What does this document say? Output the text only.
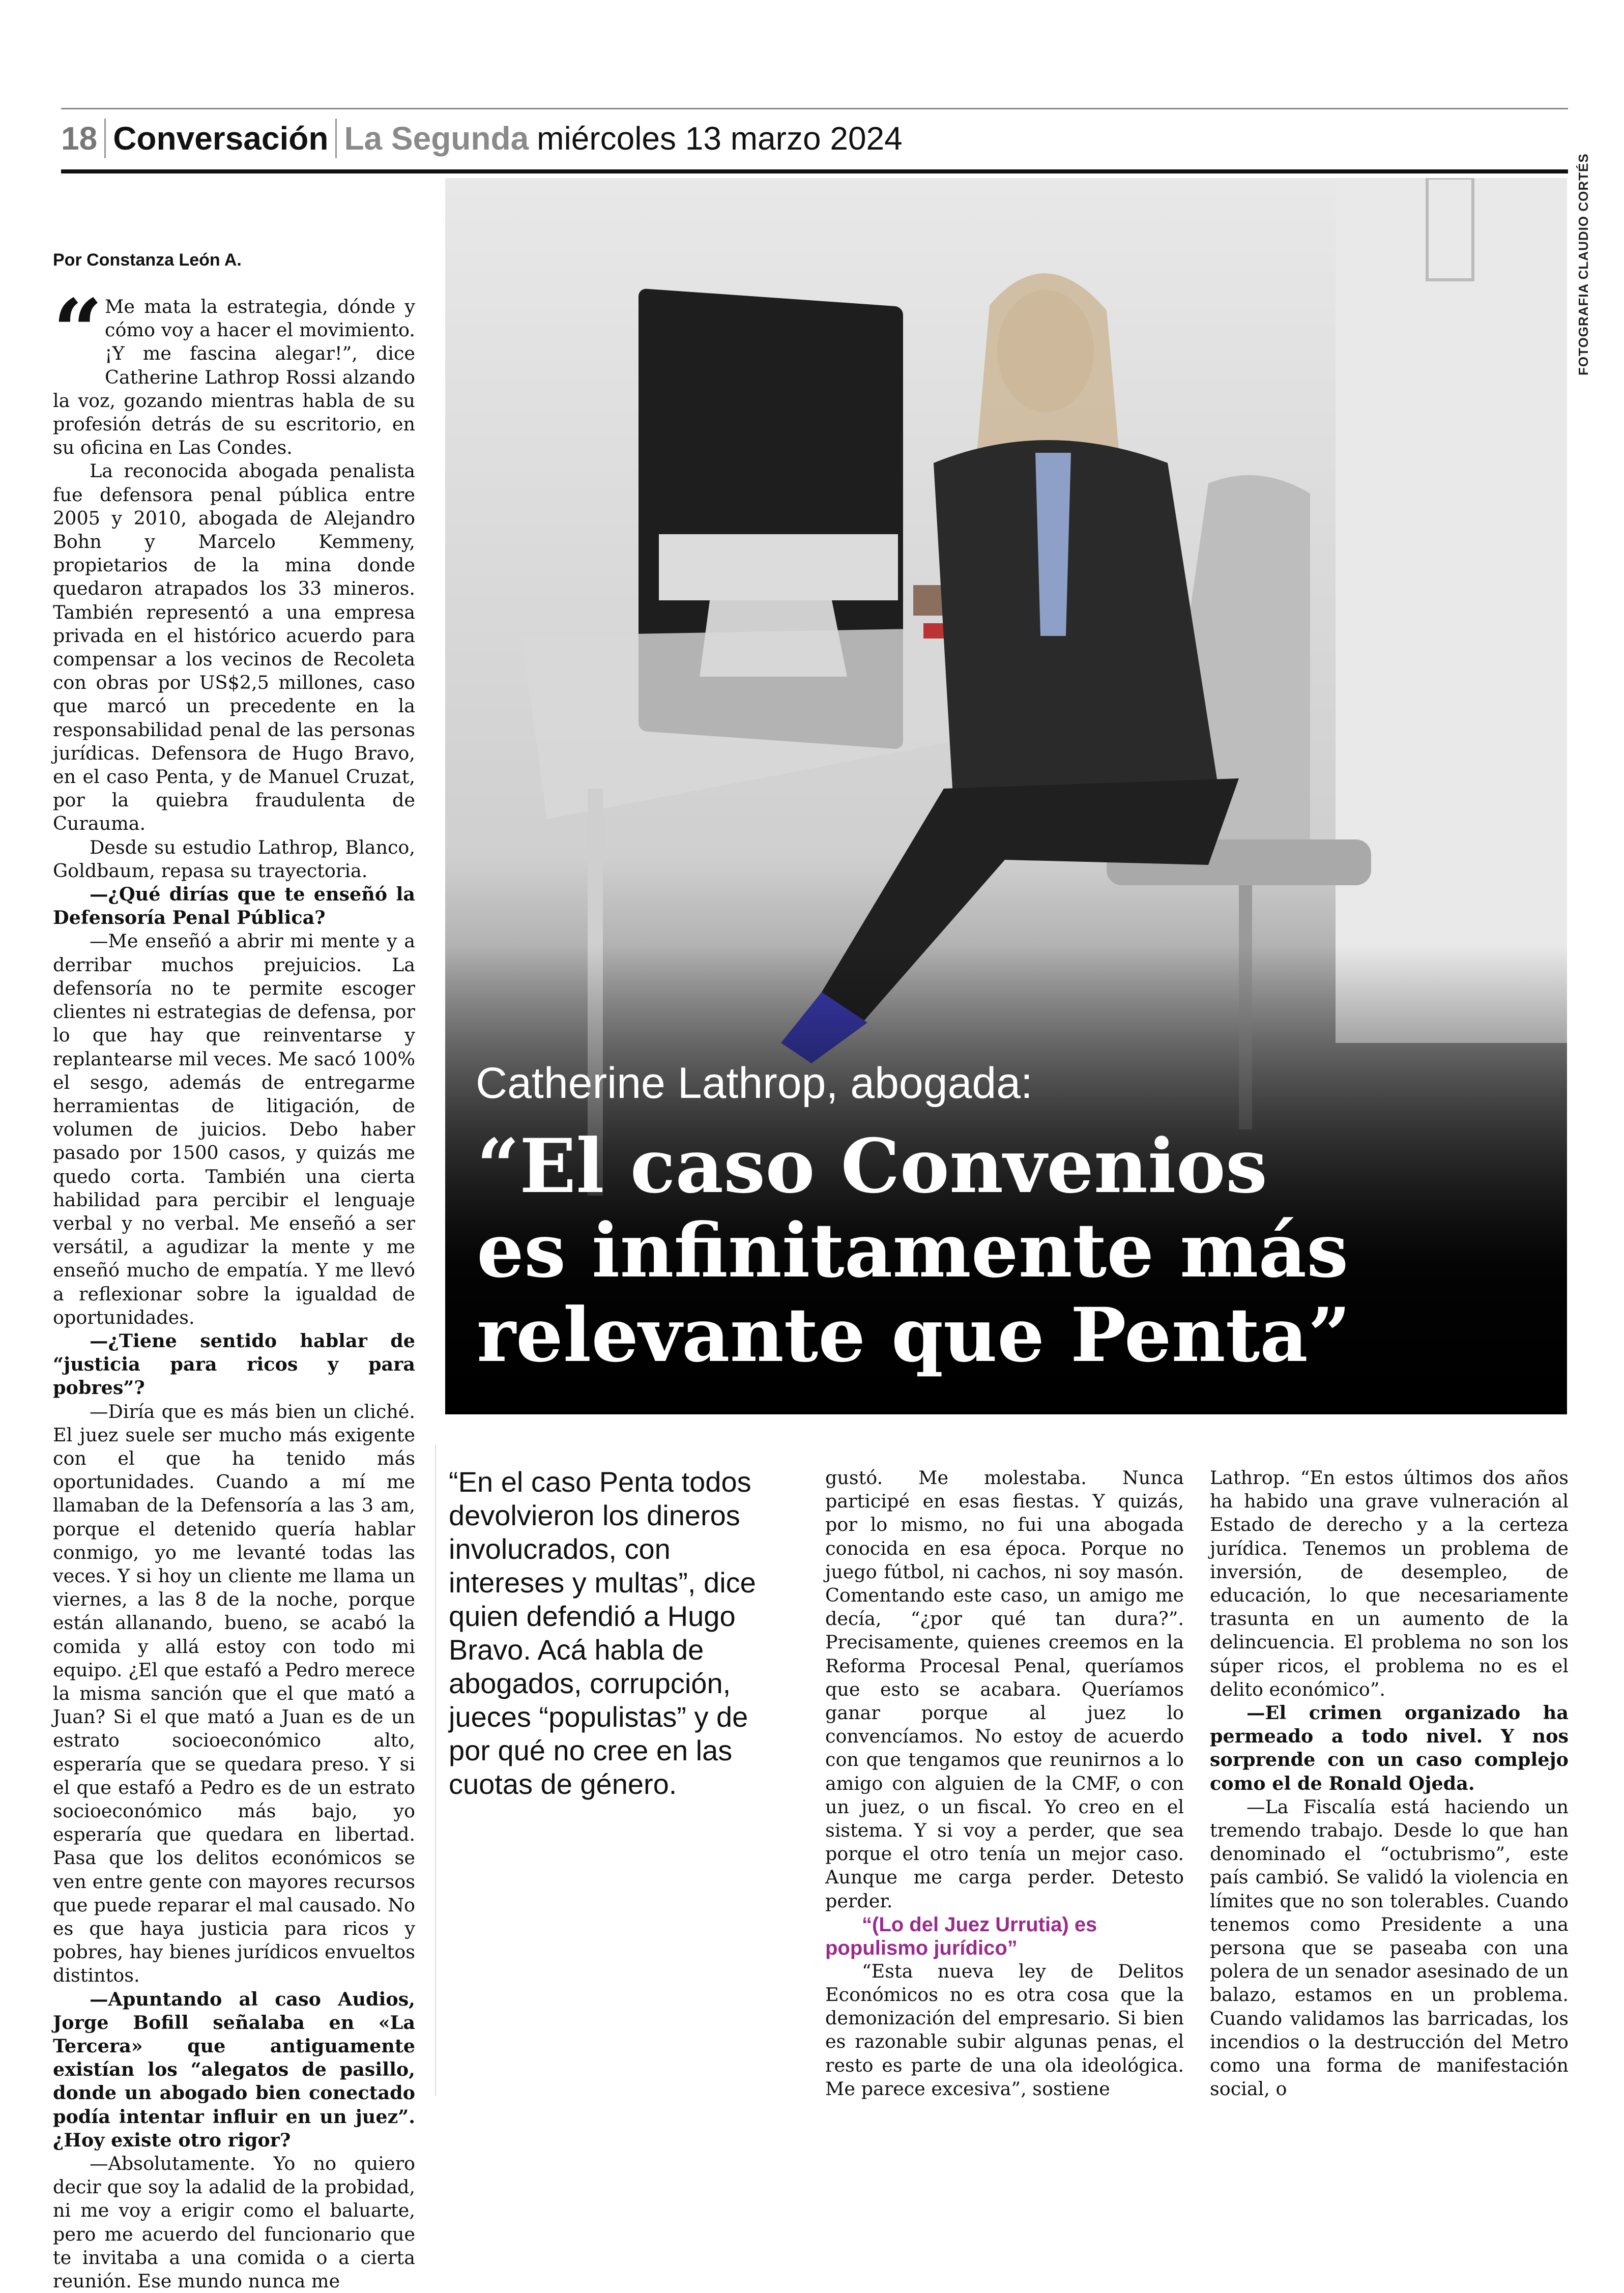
18 Conversación La Segunda miércoles 13 marzo 2024
Por Constanza León A.	FOTOGRAFIA CLAUDIO CORTÉS
Catherine Lathrop, abogada:
“El caso Convenios
es infinitamente más
relevante que Penta”

“ Me mata la estrategia, dónde y cómo voy a hacer el movimiento. ¡Y me fascina alegar!”, dice Catherine Lathrop Rossi alzando la voz, gozando mientras habla de su profesión detrás de su escritorio, en su oficina en Las Condes.

La reconocida abogada penalista fue defensora penal pública entre 2005 y 2010, abogada de Alejandro Bohn y Marcelo Kemmeny, propietarios de la mina donde quedaron atrapados los 33 mineros. También representó a una empresa privada en el histórico acuerdo para compensar a los vecinos de Recoleta con obras por US$2,5 millones, caso que marcó un precedente en la responsabilidad penal de las personas jurídicas. Defensora de Hugo Bravo, en el caso Penta, y de Manuel Cruzat, por la quiebra fraudulenta de Curauma.

Desde su estudio Lathrop, Blanco, Goldbaum, repasa su trayectoria.

—¿Qué dirías que te enseñó la Defensoría Penal Pública?

—Me enseñó a abrir mi mente y a derribar muchos prejuicios. La defensoría no te permite escoger clientes ni estrategias de defensa, por lo que hay que reinventarse y replantearse mil veces. Me sacó 100% el sesgo, además de entregarme herramientas de litigación, de volumen de juicios. Debo haber pasado por 1500 casos, y quizás me quedo corta. También una cierta habilidad para percibir el lenguaje verbal y no verbal. Me enseñó a ser versátil, a agudizar la mente y me enseñó mucho de empatía. Y me llevó a reflexionar sobre la igualdad de oportunidades.

—¿Tiene sentido hablar de “justicia para ricos y para pobres”?

—Diría que es más bien un cliché. El juez suele ser mucho más exigente con el que ha tenido más oportunidades. Cuando a mí me llamaban de la Defensoría a las 3 am, porque el detenido quería hablar conmigo, yo me levanté todas las veces. Y si hoy un cliente me llama un viernes, a las 8 de la noche, porque están allanando, bueno, se acabó la comida y allá estoy con todo mi equipo. ¿El que estafó a Pedro merece la misma sanción que el que mató a Juan? Si el que mató a Juan es de un estrato socioeconómico alto, esperaría que se quedara preso. Y si el que estafó a Pedro es de un estrato socioeconómico más bajo, yo esperaría que quedara en libertad. Pasa que los delitos económicos se ven entre gente con mayores recursos que puede reparar el mal causado. No es que haya justicia para ricos y pobres, hay bienes jurídicos envueltos distintos.

—Apuntando al caso Audios, Jorge Bofill señalaba en «La Tercera» que antiguamente existían los “alegatos de pasillo, donde un abogado bien conectado podía intentar influir en un juez”. ¿Hoy existe otro rigor?

—Absolutamente. Yo no quiero decir que soy la adalid de la probidad, ni me voy a erigir como el baluarte, pero me acuerdo del funcionario que te invitaba a una comida o a cierta reunión. Ese mundo nunca me

“En el caso Penta todos devolvieron los dineros involucrados, con intereses y multas”, dice quien defendió a Hugo Bravo. Acá habla de abogados, corrupción, jueces “populistas” y de por qué no cree en las cuotas de género.

gustó. Me molestaba. Nunca participé en esas fiestas. Y quizás, por lo mismo, no fui una abogada conocida en esa época. Porque no juego fútbol, ni cachos, ni soy masón. Comentando este caso, un amigo me decía, “¿por qué tan dura?”. Precisamente, quienes creemos en la Reforma Procesal Penal, queríamos que esto se acabara. Queríamos ganar porque al juez lo convencíamos. No estoy de acuerdo con que tengamos que reunirnos a lo amigo con alguien de la CMF, o con un juez, o un fiscal. Yo creo en el sistema. Y si voy a perder, que sea porque el otro tenía un mejor caso. Aunque me carga perder. Detesto perder.

“(Lo del Juez Urrutia) es populismo jurídico”

“Esta nueva ley de Delitos Económicos no es otra cosa que la demonización del empresario. Si bien es razonable subir algunas penas, el resto es parte de una ola ideológica. Me parece excesiva”, sostiene

Lathrop. “En estos últimos dos años ha habido una grave vulneración al Estado de derecho y a la certeza jurídica. Tenemos un problema de inversión, de desempleo, de educación, lo que necesariamente trasunta en un aumento de la delincuencia. El problema no son los súper ricos, el problema no es el delito económico”.

—El crimen organizado ha permeado a todo nivel. Y nos sorprende con un caso complejo como el de Ronald Ojeda.

—La Fiscalía está haciendo un tremendo trabajo. Desde lo que han denominado el “octubrismo”, este país cambió. Se validó la violencia en límites que no son tolerables. Cuando tenemos como Presidente a una persona que se paseaba con una polera de un senador asesinado de un balazo, estamos en un problema. Cuando validamos las barricadas, los incendios o la destrucción del Metro como una forma de manifestación social, o
